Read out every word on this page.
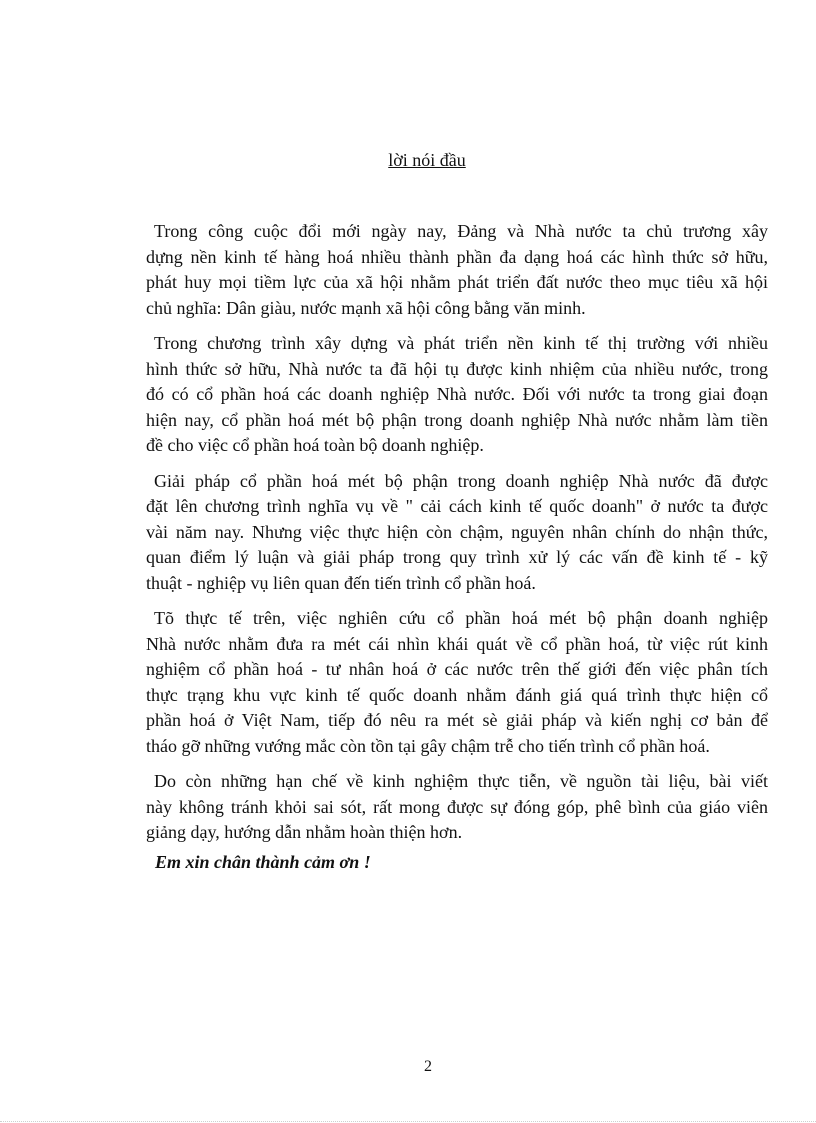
lời nói đầu
Trong công cuộc đổi mới ngày nay, Đảng và Nhà nước ta chủ trương xây
dựng nền kinh tế hàng hoá nhiều thành phần đa dạng hoá các hình thức sở hữu,
phát huy mọi tiềm lực của xã hội nhằm phát triển đất nước theo mục tiêu xã hội
chủ nghĩa: Dân giàu, nước mạnh xã hội công bằng văn minh.
Trong chương trình xây dựng và phát triển nền kinh tế thị trường với nhiều
hình thức sở hữu, Nhà nước ta đã hội tụ được kinh nhiệm của nhiều nước, trong
đó có cổ phần hoá các doanh nghiệp Nhà nước. Đối với nước ta trong giai đoạn
hiện nay, cổ phần hoá mét bộ phận trong doanh nghiệp Nhà nước nhằm làm tiền
đề cho việc cổ phần hoá toàn bộ doanh nghiệp.
Giải pháp cổ phần hoá mét bộ phận trong doanh nghiệp Nhà nước đã được
đặt lên chương trình nghĩa vụ về " cải cách kinh tế quốc doanh" ở nước ta được
vài năm nay. Nhưng việc thực hiện còn chậm, nguyên nhân chính do nhận thức,
quan điểm lý luận và giải pháp trong quy trình xử lý các vấn đề kinh tế - kỹ
thuật - nghiệp vụ liên quan đến tiến trình cổ phần hoá.
Tõ thực tế trên, việc nghiên cứu cổ phần hoá mét bộ phận doanh nghiệp
Nhà nước nhằm đưa ra mét cái nhìn khái quát về cổ phần hoá, từ việc rút kinh
nghiệm cổ phần hoá - tư nhân hoá ở các nước trên thế giới đến việc phân tích
thực trạng khu vực kinh tế quốc doanh nhằm đánh giá quá trình thực hiện cổ
phần hoá ở Việt Nam, tiếp đó nêu ra mét sè giải pháp và kiến nghị cơ bản để
tháo gỡ những vướng mắc còn tồn tại gây chậm trễ cho tiến trình cổ phần hoá.
Do còn những hạn chế về kinh nghiệm thực tiễn, về nguồn tài liệu, bài viết
này không tránh khỏi sai sót, rất mong được sự đóng góp, phê bình của giáo viên
giảng dạy, hướng dẫn nhằm hoàn thiện hơn.
Em xin chân thành cảm ơn !
2
